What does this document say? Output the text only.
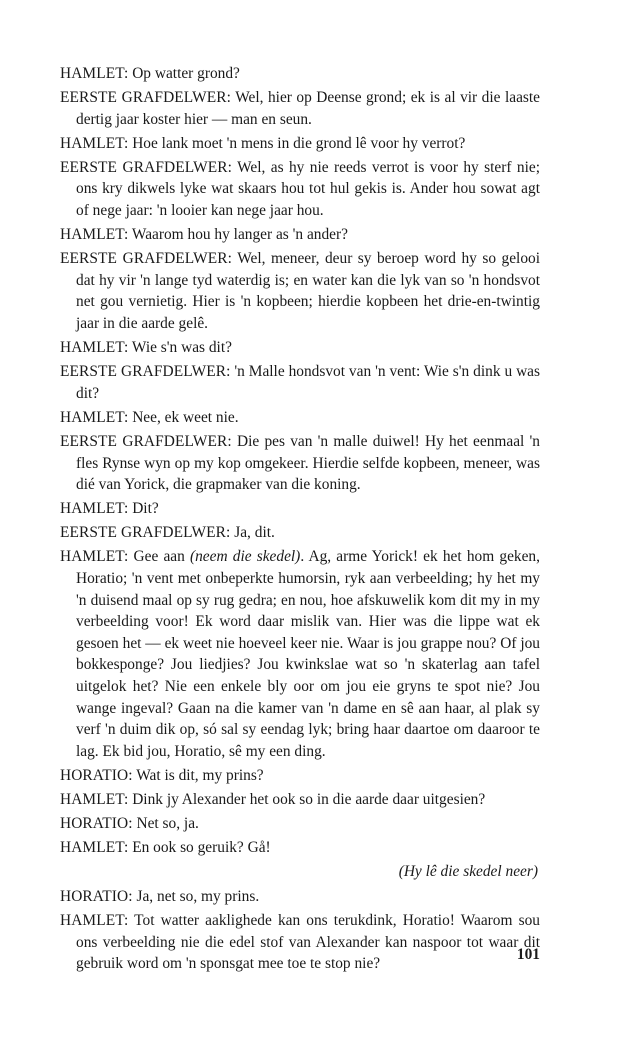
HAMLET: Op watter grond?

EERSTE GRAFDELWER: Wel, hier op Deense grond; ek is al vir die laaste dertig jaar koster hier — man en seun.

HAMLET: Hoe lank moet 'n mens in die grond lê voor hy verrot?

EERSTE GRAFDELWER: Wel, as hy nie reeds verrot is voor hy sterf nie; ons kry dikwels lyke wat skaars hou tot hul gekis is. Ander hou sowat agt of nege jaar: 'n looier kan nege jaar hou.

HAMLET: Waarom hou hy langer as 'n ander?

EERSTE GRAFDELWER: Wel, meneer, deur sy beroep word hy so gelooi dat hy vir 'n lange tyd waterdig is; en water kan die lyk van so 'n hondsvot net gou vernietig. Hier is 'n kopbeen; hierdie kopbeen het drie-en-twintig jaar in die aarde gelê.

HAMLET: Wie s'n was dit?

EERSTE GRAFDELWER: 'n Malle hondsvot van 'n vent: Wie s'n dink u was dit?

HAMLET: Nee, ek weet nie.

EERSTE GRAFDELWER: Die pes van 'n malle duiwel! Hy het eenmaal 'n fles Rynse wyn op my kop omgekeer. Hierdie selfde kopbeen, meneer, was dié van Yorick, die grapmaker van die koning.

HAMLET: Dit?

EERSTE GRAFDELWER: Ja, dit.

HAMLET: Gee aan (neem die skedel). Ag, arme Yorick! ek het hom geken, Horatio; 'n vent met onbeperkte humorsin, ryk aan verbeelding; hy het my 'n duisend maal op sy rug gedra; en nou, hoe afskuwelik kom dit my in my verbeelding voor! Ek word daar mislik van. Hier was die lippe wat ek gesoen het — ek weet nie hoeveel keer nie. Waar is jou grappe nou? Of jou bokkesponge? Jou liedjies? Jou kwinkslae wat so 'n skaterlag aan tafel uitgelok het? Nie een enkele bly oor om jou eie gryns te spot nie? Jou wange ingeval? Gaan na die kamer van 'n dame en sê aan haar, al plak sy verf 'n duim dik op, só sal sy eendag lyk; bring haar daartoe om daaroor te lag. Ek bid jou, Horatio, sê my een ding.

HORATIO: Wat is dit, my prins?

HAMLET: Dink jy Alexander het ook so in die aarde daar uitgesien?

HORATIO: Net so, ja.

HAMLET: En ook so geruik? Gå!

(Hy lê die skedel neer)

HORATIO: Ja, net so, my prins.

HAMLET: Tot watter aaklighede kan ons terukdink, Horatio! Waarom sou ons verbeelding nie die edel stof van Alexander kan naspoor tot waar dit gebruik word om 'n sponsgat mee toe te stop nie?

101
